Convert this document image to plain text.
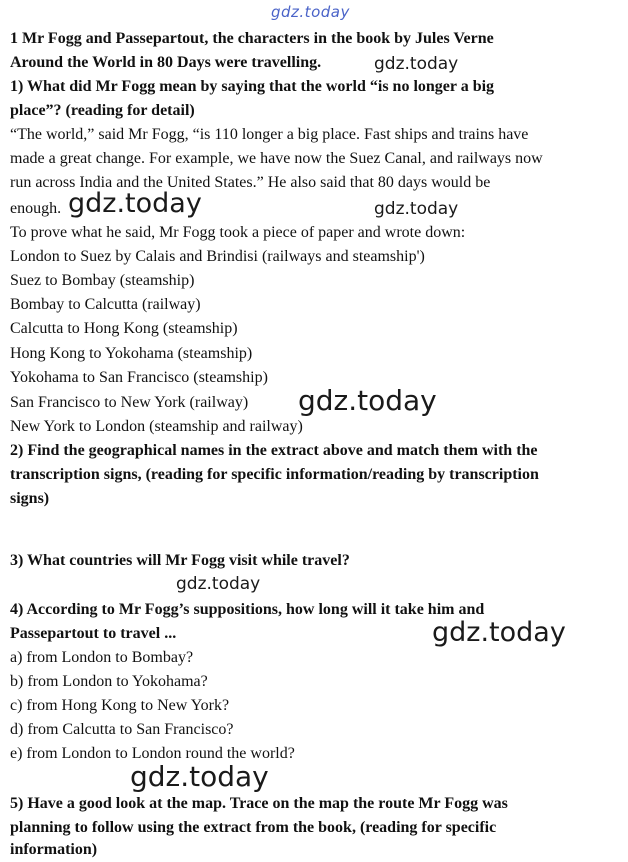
gdz.today
1 Mr Fogg and Passepartout, the characters in the book by Jules Verne
Around the World in 80 Days were travelling.	gdz.today
1) What did Mr Fogg mean by saying that the world “is no longer a big
place”? (reading for detail)
“The world,” said Mr Fogg, “is 110 longer a big place. Fast ships and trains have
made a great change. For example, we have now the Suez Canal, and railways now
run across India and the United States.” He also said that 80 days would be
enough. gdz.today	gdz.today
To prove what he said, Mr Fogg took a piece of paper and wrote down:
London to Suez by Calais and Brindisi (railways and steamship')
Suez to Bombay (steamship)
Bombay to Calcutta (railway)
Calcutta to Hong Kong (steamship)
Hong Kong to Yokohama (steamship)
Yokohama to San Francisco (steamship)
San Francisco to New York (railway) gdz.today
New York to London (steamship and railway)
2) Find the geographical names in the extract above and match them with the
transcription signs, (reading for specific information/reading by transcription
signs)
3) What countries will Mr Fogg visit while travel?
gdz.today
4) According to Mr Fogg’s suppositions, how long will it take him and
Passepartout to travel ...	gdz.today
a) from London to Bombay?
b) from London to Yokohama?
c) from Hong Kong to New York?
d) from Calcutta to San Francisco?
e) from London to London round the world?
gdz.today
5) Have a good look at the map. Trace on the map the route Mr Fogg was
planning to follow using the extract from the book, (reading for specific
information)
